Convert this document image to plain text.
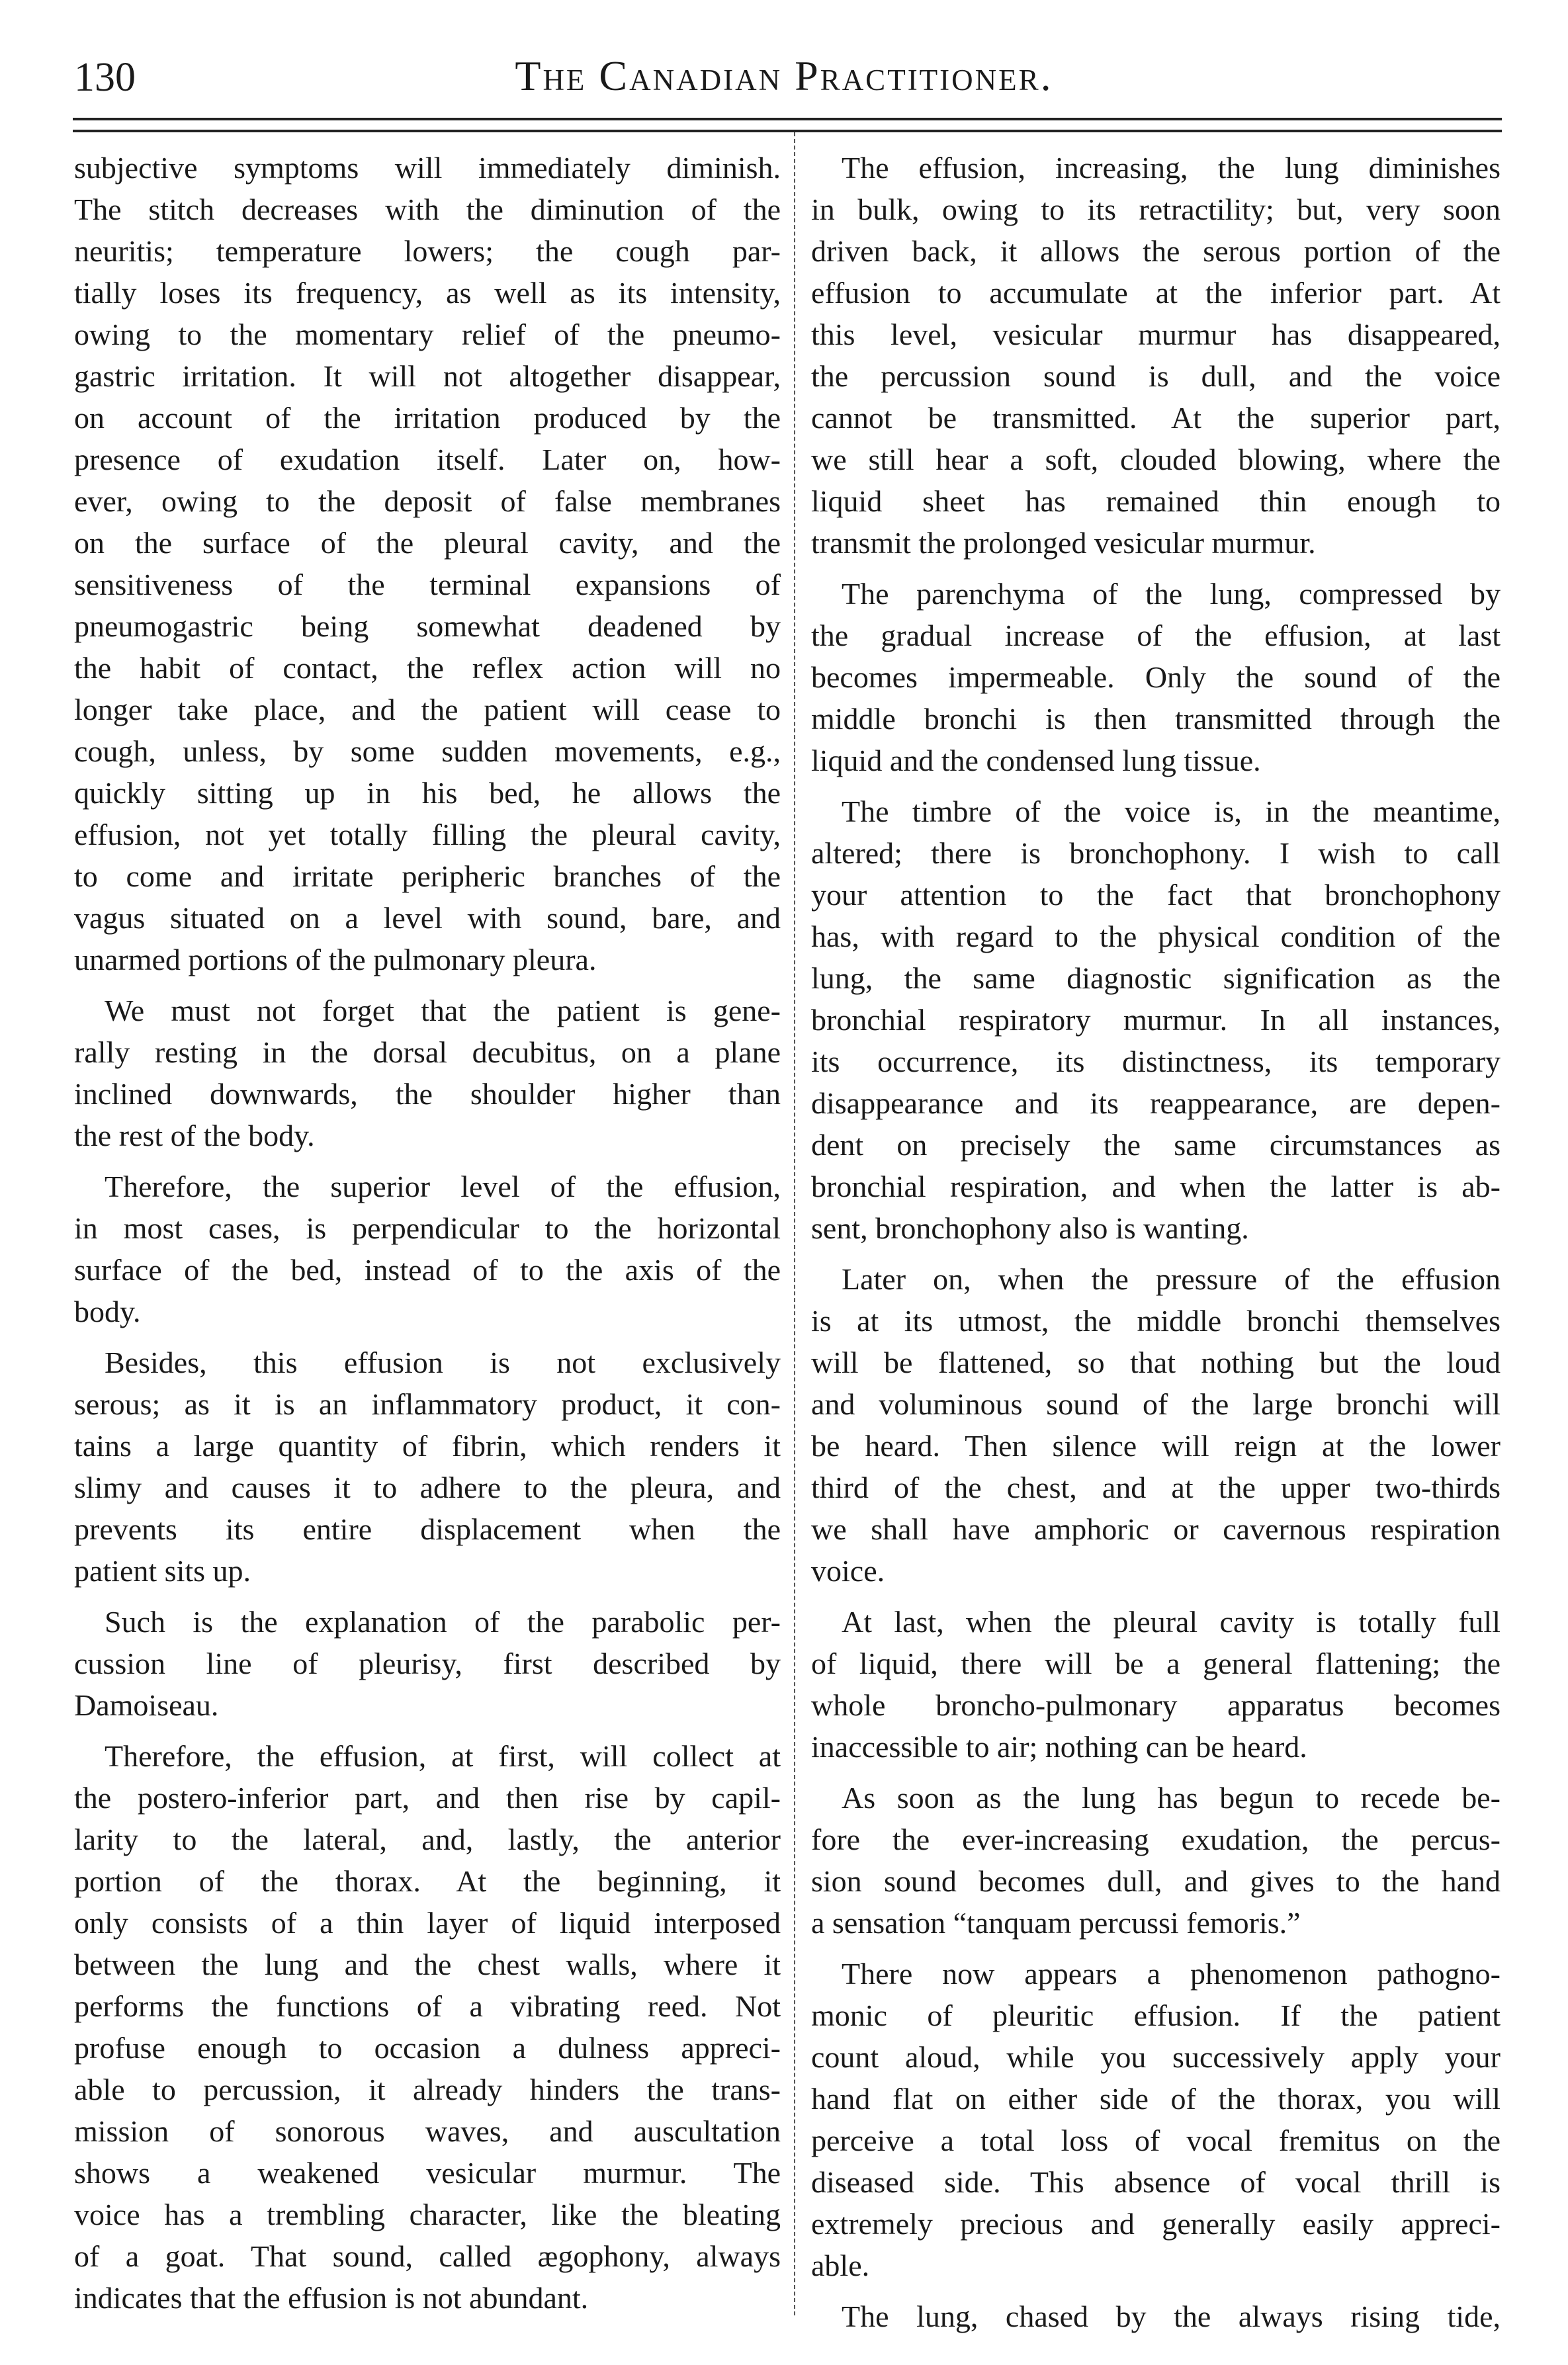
130	The Canadian Practitioner.
subjective symptoms will immediately diminish.
The stitch decreases with the diminution of the
neuritis; temperature lowers; the cough par-
tially loses its frequency, as well as its intensity,
owing to the momentary relief of the pneumo-
gastric irritation. It will not altogether disappear,
on account of the irritation produced by the
presence of exudation itself. Later on, how-
ever, owing to the deposit of false membranes
on the surface of the pleural cavity, and the
sensitiveness of the terminal expansions of
pneumogastric being somewhat deadened by
the habit of contact, the reflex action will no
longer take place, and the patient will cease to
cough, unless, by some sudden movements, e.g.,
quickly sitting up in his bed, he allows the
effusion, not yet totally filling the pleural cavity,
to come and irritate peripheric branches of the
vagus situated on a level with sound, bare, and
unarmed portions of the pulmonary pleura.
We must not forget that the patient is gene-
rally resting in the dorsal decubitus, on a plane
inclined downwards, the shoulder higher than
the rest of the body.
Therefore, the superior level of the effusion,
in most cases, is perpendicular to the horizontal
surface of the bed, instead of to the axis of the
body.
Besides, this effusion is not exclusively
serous; as it is an inflammatory product, it con-
tains a large quantity of fibrin, which renders it
slimy and causes it to adhere to the pleura, and
prevents its entire displacement when the
patient sits up.
Such is the explanation of the parabolic per-
cussion line of pleurisy, first described by
Damoiseau.
Therefore, the effusion, at first, will collect at
the postero-inferior part, and then rise by capil-
larity to the lateral, and, lastly, the anterior
portion of the thorax. At the beginning, it
only consists of a thin layer of liquid interposed
between the lung and the chest walls, where it
performs the functions of a vibrating reed. Not
profuse enough to occasion a dulness appreci-
able to percussion, it already hinders the trans-
mission of sonorous waves, and auscultation
shows a weakened vesicular murmur. The
voice has a trembling character, like the bleating
of a goat. That sound, called ægophony, always
indicates that the effusion is not abundant.
The effusion, increasing, the lung diminishes
in bulk, owing to its retractility; but, very soon
driven back, it allows the serous portion of the
effusion to accumulate at the inferior part. At
this level, vesicular murmur has disappeared,
the percussion sound is dull, and the voice
cannot be transmitted. At the superior part,
we still hear a soft, clouded blowing, where the
liquid sheet has remained thin enough to
transmit the prolonged vesicular murmur.
The parenchyma of the lung, compressed by
the gradual increase of the effusion, at last
becomes impermeable. Only the sound of the
middle bronchi is then transmitted through the
liquid and the condensed lung tissue.
The timbre of the voice is, in the meantime,
altered; there is bronchophony. I wish to call
your attention to the fact that bronchophony
has, with regard to the physical condition of the
lung, the same diagnostic signification as the
bronchial respiratory murmur. In all instances,
its occurrence, its distinctness, its temporary
disappearance and its reappearance, are depen-
dent on precisely the same circumstances as
bronchial respiration, and when the latter is ab-
sent, bronchophony also is wanting.
Later on, when the pressure of the effusion
is at its utmost, the middle bronchi themselves
will be flattened, so that nothing but the loud
and voluminous sound of the large bronchi will
be heard. Then silence will reign at the lower
third of the chest, and at the upper two-thirds
we shall have amphoric or cavernous respiration
voice.
At last, when the pleural cavity is totally full
of liquid, there will be a general flattening; the
whole broncho-pulmonary apparatus becomes
inaccessible to air; nothing can be heard.
As soon as the lung has begun to recede be-
fore the ever-increasing exudation, the percus-
sion sound becomes dull, and gives to the hand
a sensation “tanquam percussi femoris.”
There now appears a phenomenon pathogno-
monic of pleuritic effusion. If the patient
count aloud, while you successively apply your
hand flat on either side of the thorax, you will
perceive a total loss of vocal fremitus on the
diseased side. This absence of vocal thrill is
extremely precious and generally easily appreci-
able.
The lung, chased by the always rising tide,
